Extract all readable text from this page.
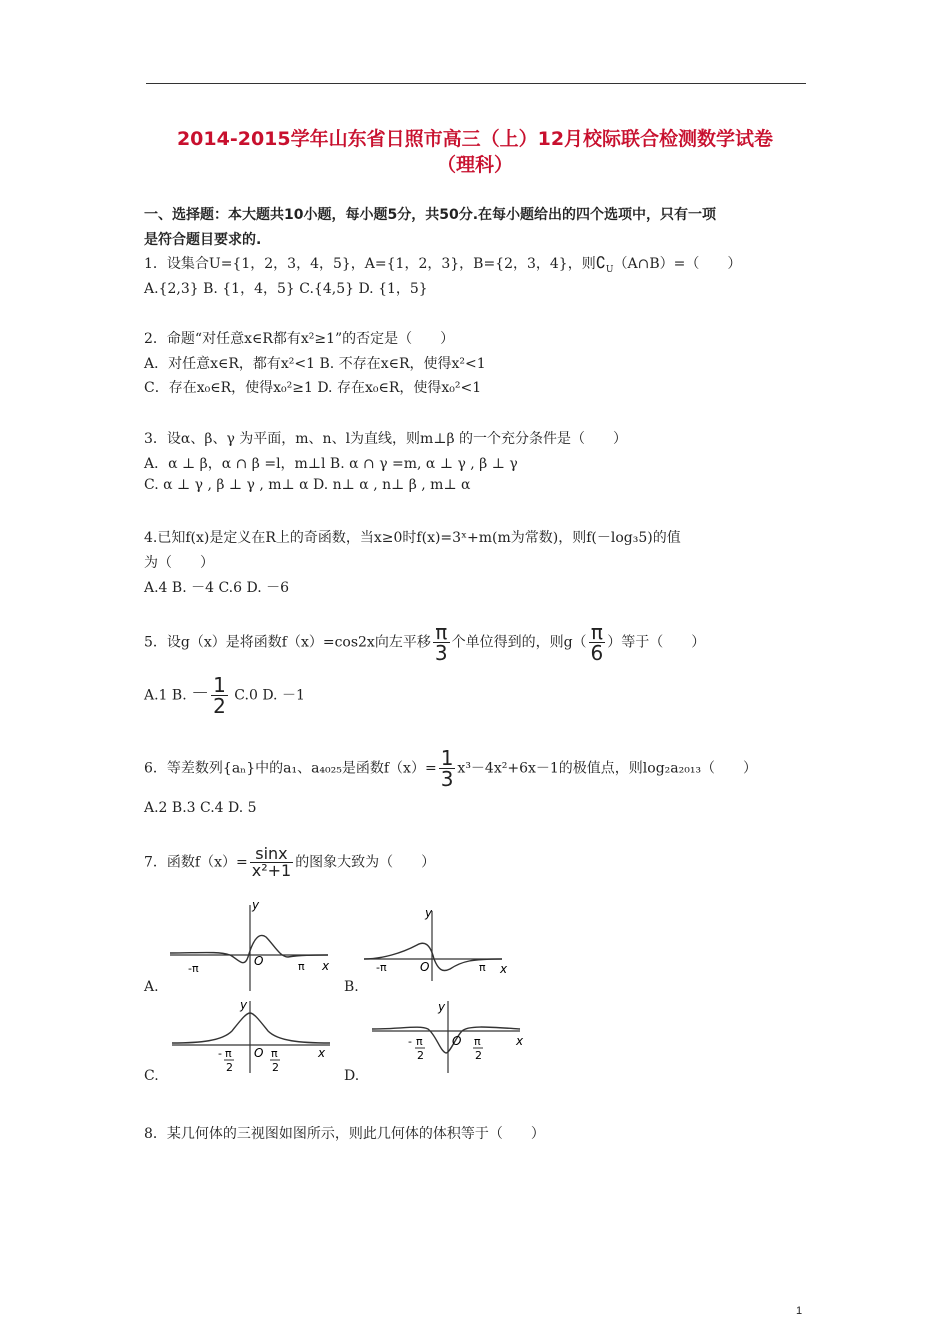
2014-2015学年山东省日照市高三（上）12月校际联合检测数学试卷
（理科）
一、选择题：本大题共10小题，每小题5分，共50分.在每小题给出的四个选项中，只有一项
是符合题目要求的.
1．设集合U={1，2，3，4，5}，A={1，2，3}，B={2，3，4}，则$∁_U(A\cap B)=$（　　）
A.{2,3} B. {1，4，5} C.{4,5} D. {1，5}
2．命题“对任意x∈R都有x²≥1”的否定是（　　）
A．对任意x∈R，都有x²<1 B. 不存在x∈R，使得x²<1
C．存在x₀∈R，使得x₀²≥1 D. 存在x₀∈R，使得x₀²<1
3．设α、β、γ 为平面，m、n、l为直线，则m⊥β 的一个充分条件是（　　）
A．α ⊥ β，α ∩ β =l，m⊥l B. α ∩ γ =m, α ⊥ γ , β ⊥ γ
C. α ⊥ γ , β ⊥ γ , m⊥ α D. n⊥ α , n⊥ β , m⊥ α
4.已知f(x)是定义在R上的奇函数，当x≥0时f(x)=3ˣ+m(m为常数)，则f(－log₃5)的值
为（　　）
A.4 B. －4 C.6 D. －6
5．设g（x）是将函数f（x）=cos2x向左平移 $\frac{\pi}{3}$ 个单位得到的，则$g( \frac{\pi}{6}$ ）等于（　　）
A.1 B. － $\frac{1}{2} C.0$ D. －1
6．等差数列{aₙ}中的a₁、a₄₀₂₅是函数$f(x)= \frac{1}{3} x^3-4x^2+6x-1$的极值点，则log₂a₂₀₁₃（　　）
A.2 B.3 C.4 D. 5
7．函数$f(x)= \frac{\sin x}{\text{x²+1}}$ 的图象大致为（　　）
y
x
O
-π	π
A.
y
x
O
-π	π
B.
y
x
O
- π
2
π
2
C.
y
x
O
- π
2
π
2
D.
8．某几何体的三视图如图所示，则此几何体的体积等于（　　）
1
